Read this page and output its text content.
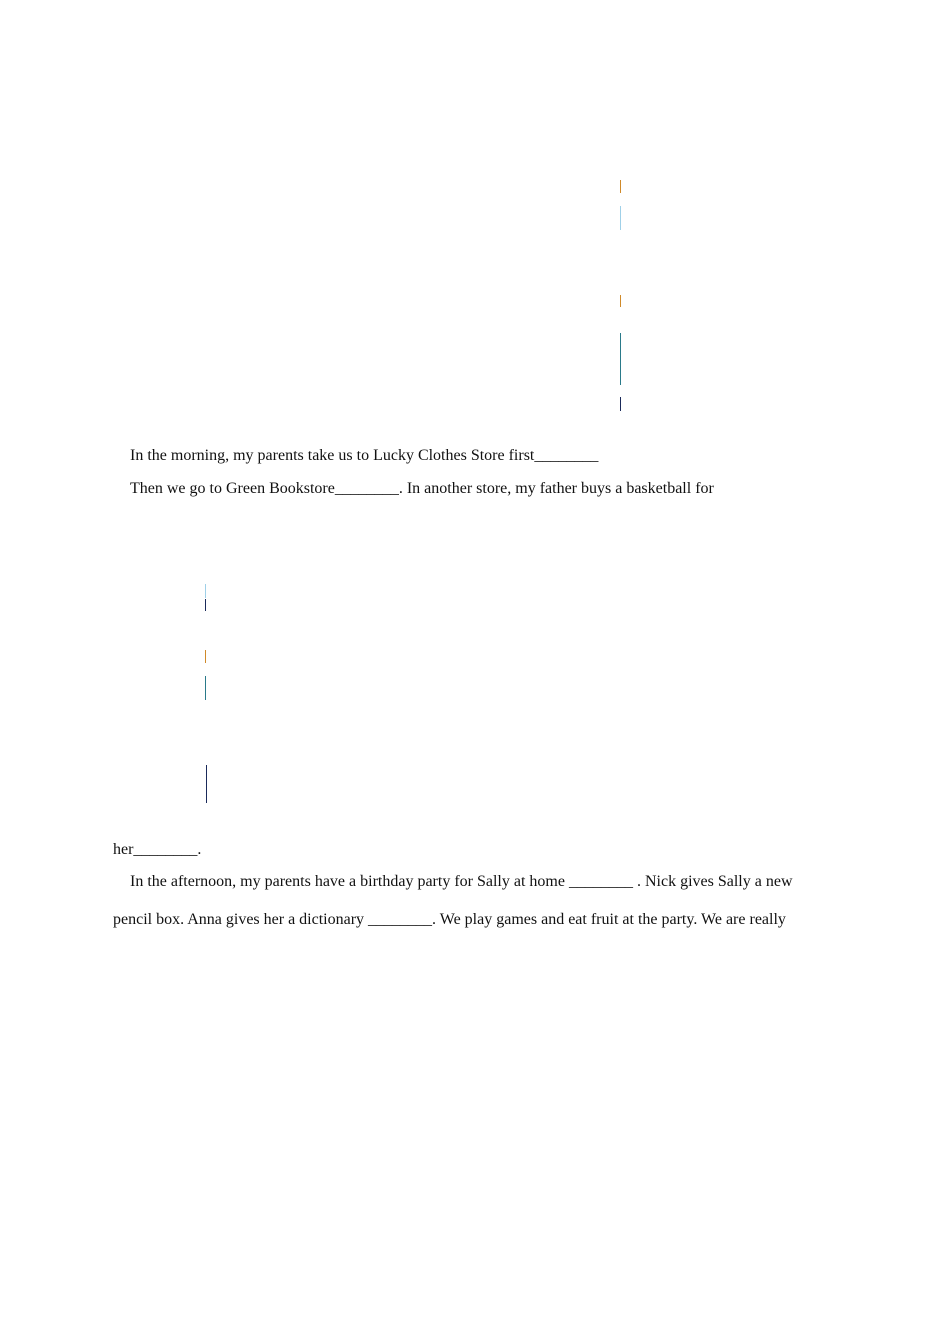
In the morning, my parents take us to Lucky Clothes Store first________
Then we go to Green Bookstore________. In another store, my father buys a basketball for
her________.
In the afternoon, my parents have a birthday party for Sally at home ________ . Nick gives Sally a new
pencil box. Anna gives her a dictionary ________. We play games and eat fruit at the party. We are really
